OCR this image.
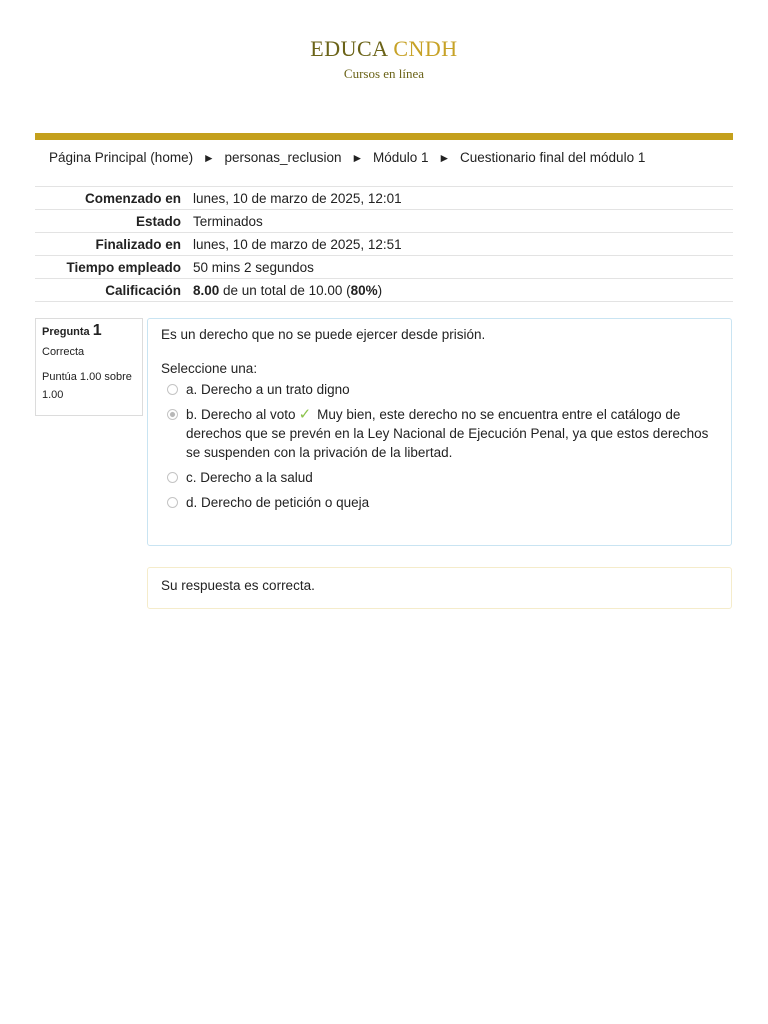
EDUCA CNDH
Cursos en línea
Página Principal (home) ► personas_reclusion ► Módulo 1 ► Cuestionario final del módulo 1
Comenzado en	lunes, 10 de marzo de 2025, 12:01
Estado	Terminados
Finalizado en	lunes, 10 de marzo de 2025, 12:51
Tiempo empleado	50 mins 2 segundos
Calificación	8.00 de un total de 10.00 (80%)
Pregunta 1
Correcta
Puntúa 1.00 sobre 1.00
Es un derecho que no se puede ejercer desde prisión.
Seleccione una:
a. Derecho a un trato digno
b. Derecho al voto ✓ Muy bien, este derecho no se encuentra entre el catálogo de derechos que se prevén en la Ley Nacional de Ejecución Penal, ya que estos derechos se suspenden con la privación de la libertad.
c. Derecho a la salud
d. Derecho de petición o queja
Su respuesta es correcta.
